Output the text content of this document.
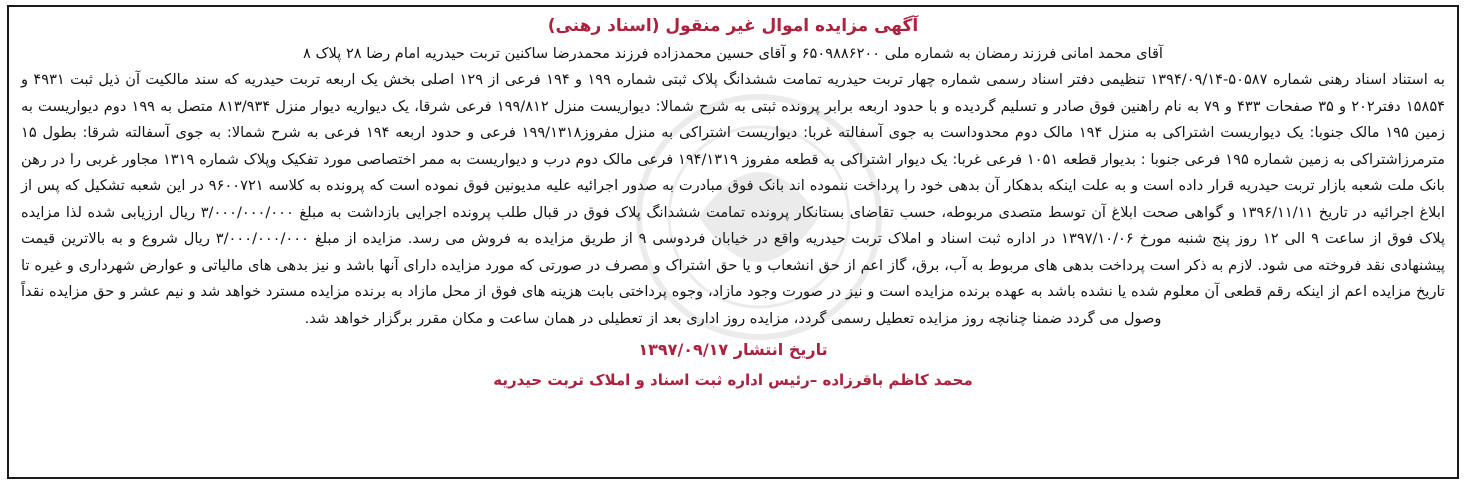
آگهی مزایده اموال غیر منقول (اسناد رهنی)

آقای محمد امانی فرزند رمضان به شماره ملی ۶۵۰۹۸۸۶۲۰۰ و آقای حسین محمدزاده فرزند محمدرضا ساکنین تربت حیدریه امام رضا ۲۸ پلاک ۸

به استناد اسناد رهنی شماره ۵۰۵۸۷-۱۳۹۴/۰۹/۱۴ تنظیمی دفتر اسناد رسمی شماره چهار تربت حیدریه تمامت ششدانگ پلاک ثبتی شماره ۱۹۹ و ۱۹۴ فرعی از ۱۲۹ اصلی بخش یک اربعه تربت حیدریه که سند مالکیت آن ذیل ثبت ۴۹۳۱ و ۱۵۸۵۴ دفتر۲۰۲ و ۳۵ صفحات ۴۳۳ و ۷۹ به نام راهنین فوق صادر و تسلیم گردیده و با حدود اربعه برابر پرونده ثبتی به شرح شمالا: دیواریست منزل ۱۹۹/۸۱۲ فرعی شرقا، یک دیواریه دیوار منزل ۸۱۳/۹۳۴ متصل به ۱۹۹ دوم دیواریست به زمین ۱۹۵ مالک جنوبا: یک دیواریست اشتراکی به منزل ۱۹۴ مالک دوم محدوداست به جوی آسفالته غربا: دیواریست اشتراکی به منزل مفروز۱۹۹/۱۳۱۸ فرعی و حدود اربعه ۱۹۴ فرعی به شرح شمالا: به جوی آسفالته شرقا: بطول ۱۵ مترمرزاشتراکی به زمین شماره ۱۹۵ فرعی جنوبا : بدیوار قطعه ۱۰۵۱ فرعی غربا: یک دیوار اشتراکی به قطعه مفروز ۱۹۴/۱۳۱۹ فرعی مالک دوم درب و دیواریست به ممر اختصاصی مورد تفکیک وپلاک شماره ۱۳۱۹ مجاور غربی را در رهن بانک ملت شعبه بازار تربت حیدریه قرار داده است و به علت اینکه بدهکار آن بدهی خود را پرداخت ننموده اند بانک فوق مبادرت به صدور اجرائیه علیه مدیونین فوق نموده است که پرونده به کلاسه ۹۶۰۰۷۲۱ در این شعبه تشکیل که پس از ابلاغ اجرائیه در تاریخ ۱۳۹۶/۱۱/۱۱ و گواهی صحت ابلاغ آن توسط متصدی مربوطه، حسب تقاضای بستانکار پرونده تمامت ششدانگ پلاک فوق در قبال طلب پرونده اجرایی بازداشت به مبلغ ۳/۰۰۰/۰۰۰/۰۰۰ ریال ارزیابی شده لذا مزایده پلاک فوق از ساعت ۹ الی ۱۲ روز پنج شنبه مورخ ۱۳۹۷/۱۰/۰۶ در اداره ثبت اسناد و املاک تربت حیدریه واقع در خیابان فردوسی ۹ از طریق مزایده به فروش می رسد. مزایده از مبلغ ۳/۰۰۰/۰۰۰/۰۰۰ ریال شروع و به بالاترین قیمت پیشنهادی نقد فروخته می شود. لازم به ذکر است پرداخت بدهی های مربوط به آب، برق، گاز اعم از حق انشعاب و یا حق اشتراک و مصرف در صورتی که مورد مزایده دارای آنها باشد و نیز بدهی های مالیاتی و عوارض شهرداری و غیره تا تاریخ مزایده اعم از اینکه رقم قطعی آن معلوم شده یا نشده باشد به عهده برنده مزایده است و نیز در صورت وجود مازاد، وجوه پرداختی بابت هزینه های فوق از محل مازاد به برنده مزایده مسترد خواهد شد و نیم عشر و حق مزایده نقداً وصول می گردد ضمنا چنانچه روز مزایده تعطیل رسمی گردد، مزایده روز اداری بعد از تعطیلی در همان ساعت و مکان مقرر برگزار خواهد شد.

تاریخ انتشار ۱۳۹۷/۰۹/۱۷
محمد کاظم باقرزاده –رئیس اداره ثبت اسناد و املاک تربت حیدریه
